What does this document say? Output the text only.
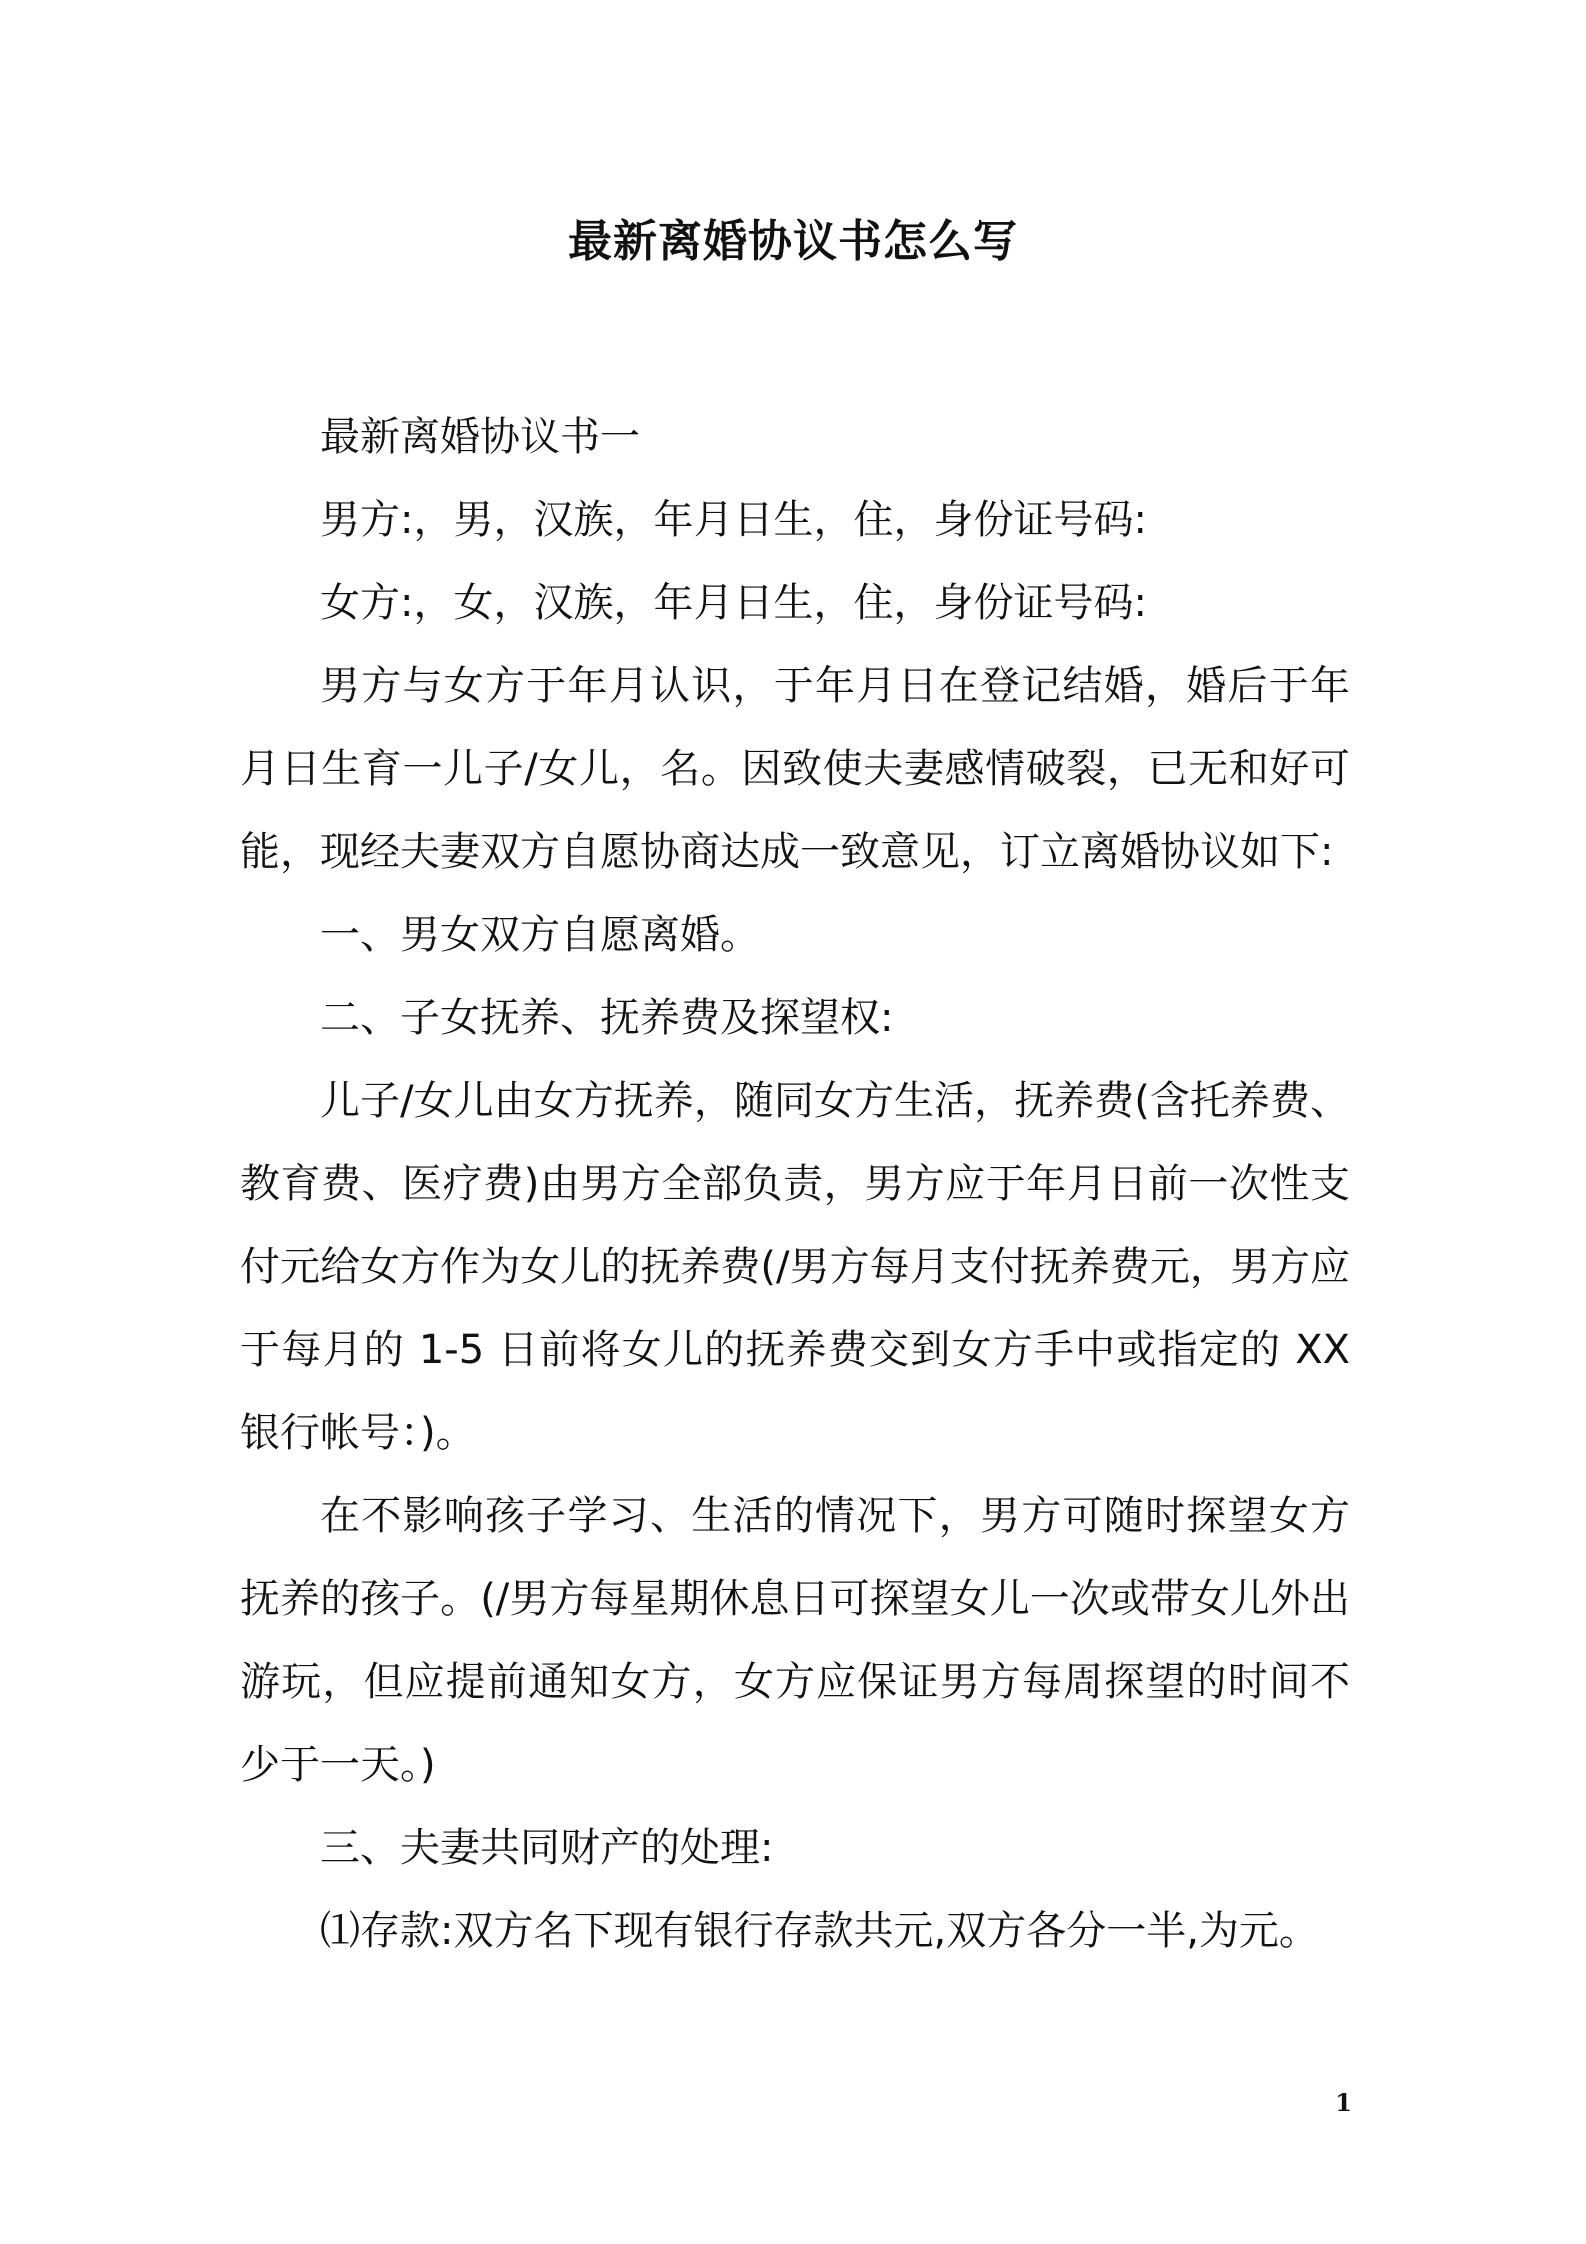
最新离婚协议书怎么写

最新离婚协议书一

男方:，男，汉族，年月日生，住，身份证号码:

女方:，女，汉族，年月日生，住，身份证号码:

男方与女方于年月认识，于年月日在登记结婚，婚后于年月日生育一儿子/女儿，名。因致使夫妻感情破裂，已无和好可能，现经夫妻双方自愿协商达成一致意见，订立离婚协议如下:

一、男女双方自愿离婚。

二、子女抚养、抚养费及探望权:

儿子/女儿由女方抚养，随同女方生活，抚养费(含托养费、教育费、医疗费)由男方全部负责，男方应于年月日前一次性支付元给女方作为女儿的抚养费(/男方每月支付抚养费元，男方应于每月的 1-5 日前将女儿的抚养费交到女方手中或指定的 XX 银行帐号：)。

在不影响孩子学习、生活的情况下，男方可随时探望女方抚养的孩子。(/男方每星期休息日可探望女儿一次或带女儿外出游玩，但应提前通知女方，女方应保证男方每周探望的时间不少于一天。)

三、夫妻共同财产的处理:

⑴存款:双方名下现有银行存款共元,双方各分一半,为元。

1
